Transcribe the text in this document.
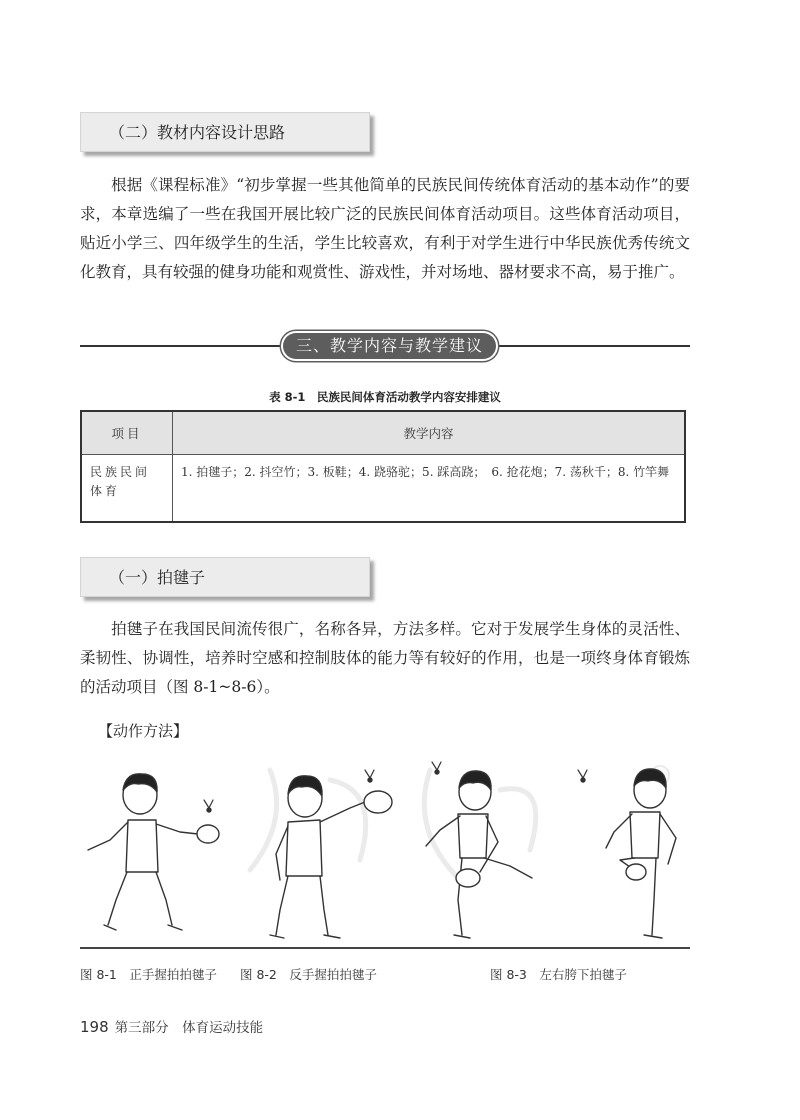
（二）教材内容设计思路

根据《课程标准》“初步掌握一些其他简单的民族民间传统体育活动的基本动作”的要求，本章选编了一些在我国开展比较广泛的民族民间体育活动项目。这些体育活动项目，贴近小学三、四年级学生的生活，学生比较喜欢，有利于对学生进行中华民族优秀传统文化教育，具有较强的健身功能和观赏性、游戏性，并对场地、器材要求不高，易于推广。

三、教学内容与教学建议
表 8-1　民族民间体育活动教学内容安排建议
项目	教学内容
民族民间体育	1. 拍毽子；2. 抖空竹；3. 板鞋；4. 跷骆驼；5. 踩高跷；　6. 抢花炮；7. 荡秋千；8. 竹竿舞
（一）拍毽子

拍毽子在我国民间流传很广，名称各异，方法多样。它对于发展学生身体的灵活性、柔韧性、协调性，培养时空感和控制肢体的能力等有较好的作用，也是一项终身体育锻炼的活动项目（图 8-1~8-6）。

【动作方法】
图 8-1　正手握拍拍毽子 图 8-2　反手握拍拍毽子	图 8-3　左右胯下拍毽子
198 第三部分　体育运动技能
